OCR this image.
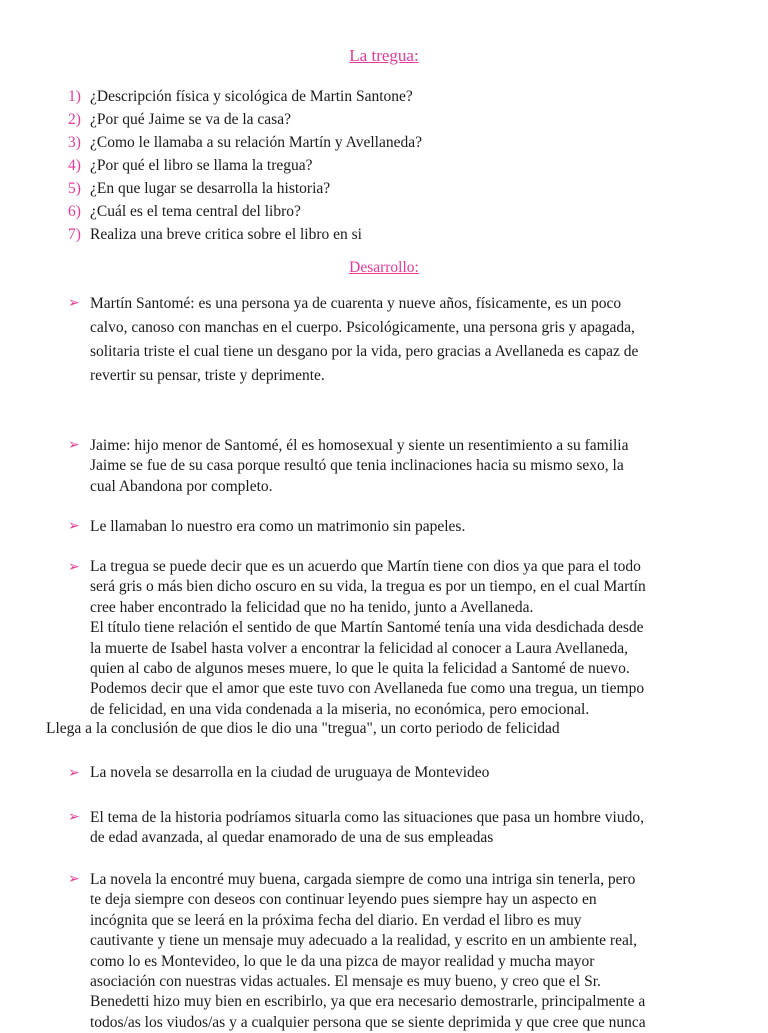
La tregua:
1) ¿Descripción física y sicológica de Martin Santone?
2) ¿Por qué Jaime se va de la casa?
3) ¿Como le llamaba a su relación Martín y Avellaneda?
4) ¿Por qué el libro se llama la tregua?
5) ¿En que lugar se desarrolla la historia?
6) ¿Cuál es el tema central del libro?
7) Realiza una breve critica sobre el libro en si
Desarrollo:
➢ Martín Santomé: es una persona ya de cuarenta y nueve años, físicamente, es un poco
calvo, canoso con manchas en el cuerpo. Psicológicamente, una persona gris y apagada,
solitaria triste el cual tiene un desgano por la vida, pero gracias a Avellaneda es capaz de
revertir su pensar, triste y deprimente.
➢ Jaime: hijo menor de Santomé, él es homosexual y siente un resentimiento a su familia
Jaime se fue de su casa porque resultó que tenia inclinaciones hacia su mismo sexo, la
cual Abandona por completo.
➢ Le llamaban lo nuestro era como un matrimonio sin papeles.
➢ La tregua se puede decir que es un acuerdo que Martín tiene con dios ya que para el todo
será gris o más bien dicho oscuro en su vida, la tregua es por un tiempo, en el cual Martín
cree haber encontrado la felicidad que no ha tenido, junto a Avellaneda.
El título tiene relación el sentido de que Martín Santomé tenía una vida desdichada desde
la muerte de Isabel hasta volver a encontrar la felicidad al conocer a Laura Avellaneda,
quien al cabo de algunos meses muere, lo que le quita la felicidad a Santomé de nuevo.
Podemos decir que el amor que este tuvo con Avellaneda fue como una tregua, un tiempo
de felicidad, en una vida condenada a la miseria, no económica, pero emocional.
Llega a la conclusión de que dios le dio una "tregua", un corto periodo de felicidad
➢ La novela se desarrolla en la ciudad de uruguaya de Montevideo
➢ El tema de la historia podríamos situarla como las situaciones que pasa un hombre viudo,
de edad avanzada, al quedar enamorado de una de sus empleadas
➢ La novela la encontré muy buena, cargada siempre de como una intriga sin tenerla, pero
te deja siempre con deseos con continuar leyendo pues siempre hay un aspecto en
incógnita que se leerá en la próxima fecha del diario. En verdad el libro es muy
cautivante y tiene un mensaje muy adecuado a la realidad, y escrito en un ambiente real,
como lo es Montevideo, lo que le da una pizca de mayor realidad y mucha mayor
asociación con nuestras vidas actuales. El mensaje es muy bueno, y creo que el Sr.
Benedetti hizo muy bien en escribirlo, ya que era necesario demostrarle, principalmente a
todos/as los viudos/as y a cualquier persona que se siente deprimida y que cree que nunca
